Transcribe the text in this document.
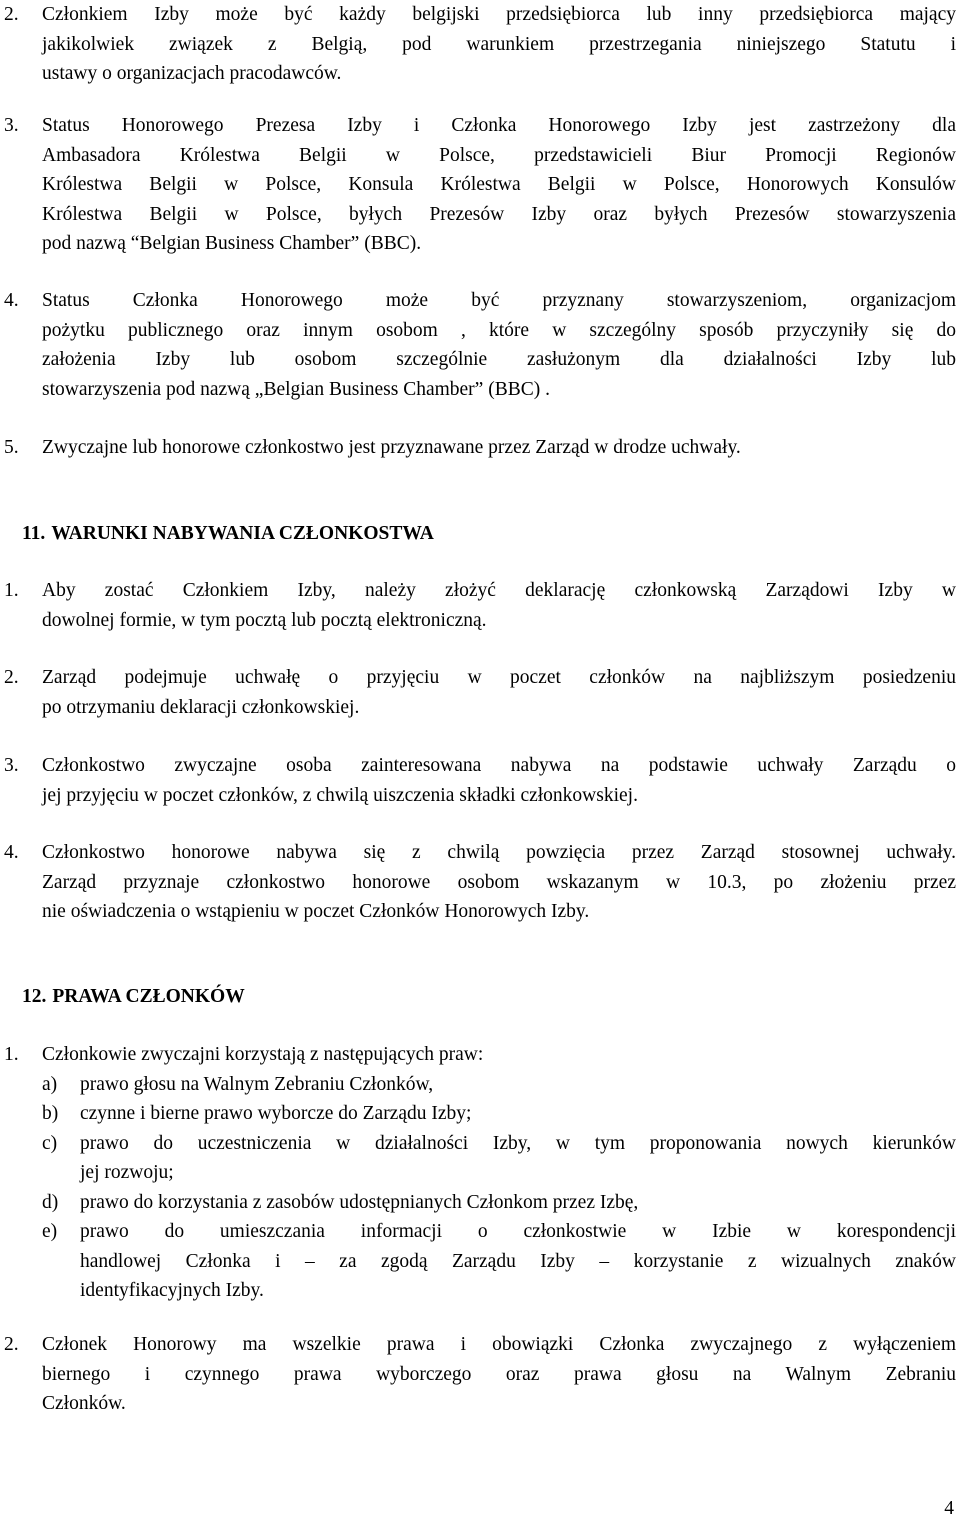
2. Członkiem Izby może być każdy belgijski przedsiębiorca lub inny przedsiębiorca mający
jakikolwiek związek z Belgią, pod warunkiem przestrzegania niniejszego Statutu i
ustawy o organizacjach pracodawców.
3. Status Honorowego Prezesa Izby i Członka Honorowego Izby jest zastrzeżony dla
Ambasadora Królestwa Belgii w Polsce, przedstawicieli Biur Promocji Regionów
Królestwa Belgii w Polsce, Konsula Królestwa Belgii w Polsce, Honorowych Konsulów
Królestwa Belgii w Polsce, byłych Prezesów Izby oraz byłych Prezesów stowarzyszenia
pod nazwą “Belgian Business Chamber” (BBC).
4. Status Członka Honorowego może być przyznany stowarzyszeniom, organizacjom
pożytku publicznego oraz innym osobom , które w szczególny sposób przyczyniły się do
założenia Izby lub osobom szczególnie zasłużonym dla działalności Izby lub
stowarzyszenia pod nazwą „Belgian Business Chamber” (BBC) .
5. Zwyczajne lub honorowe członkostwo jest przyznawane przez Zarząd w drodze uchwały.
11. WARUNKI NABYWANIA CZŁONKOSTWA
1. Aby zostać Członkiem Izby, należy złożyć deklarację członkowską Zarządowi Izby w
dowolnej formie, w tym pocztą lub pocztą elektroniczną.
2. Zarząd podejmuje uchwałę o przyjęciu w poczet członków na najbliższym posiedzeniu
po otrzymaniu deklaracji członkowskiej.
3. Członkostwo zwyczajne osoba zainteresowana nabywa na podstawie uchwały Zarządu o
jej przyjęciu w poczet członków, z chwilą uiszczenia składki członkowskiej.
4. Członkostwo honorowe nabywa się z chwilą powzięcia przez Zarząd stosownej uchwały.
Zarząd przyznaje członkostwo honorowe osobom wskazanym w 10.3, po złożeniu przez
nie oświadczenia o wstąpieniu w poczet Członków Honorowych Izby.
12. PRAWA CZŁONKÓW
1. Członkowie zwyczajni korzystają z następujących praw:
a) prawo głosu na Walnym Zebraniu Członków,
b) czynne i bierne prawo wyborcze do Zarządu Izby;
c) prawo do uczestniczenia w działalności Izby, w tym proponowania nowych kierunków
jej rozwoju;
d) prawo do korzystania z zasobów udostępnianych Członkom przez Izbę,
e) prawo do umieszczania informacji o członkostwie w Izbie w korespondencji
handlowej Członka i – za zgodą Zarządu Izby – korzystanie z wizualnych znaków
identyfikacyjnych Izby.
2. Członek Honorowy ma wszelkie prawa i obowiązki Członka zwyczajnego z wyłączeniem
biernego i czynnego prawa wyborczego oraz prawa głosu na Walnym Zebraniu
Członków.
4
